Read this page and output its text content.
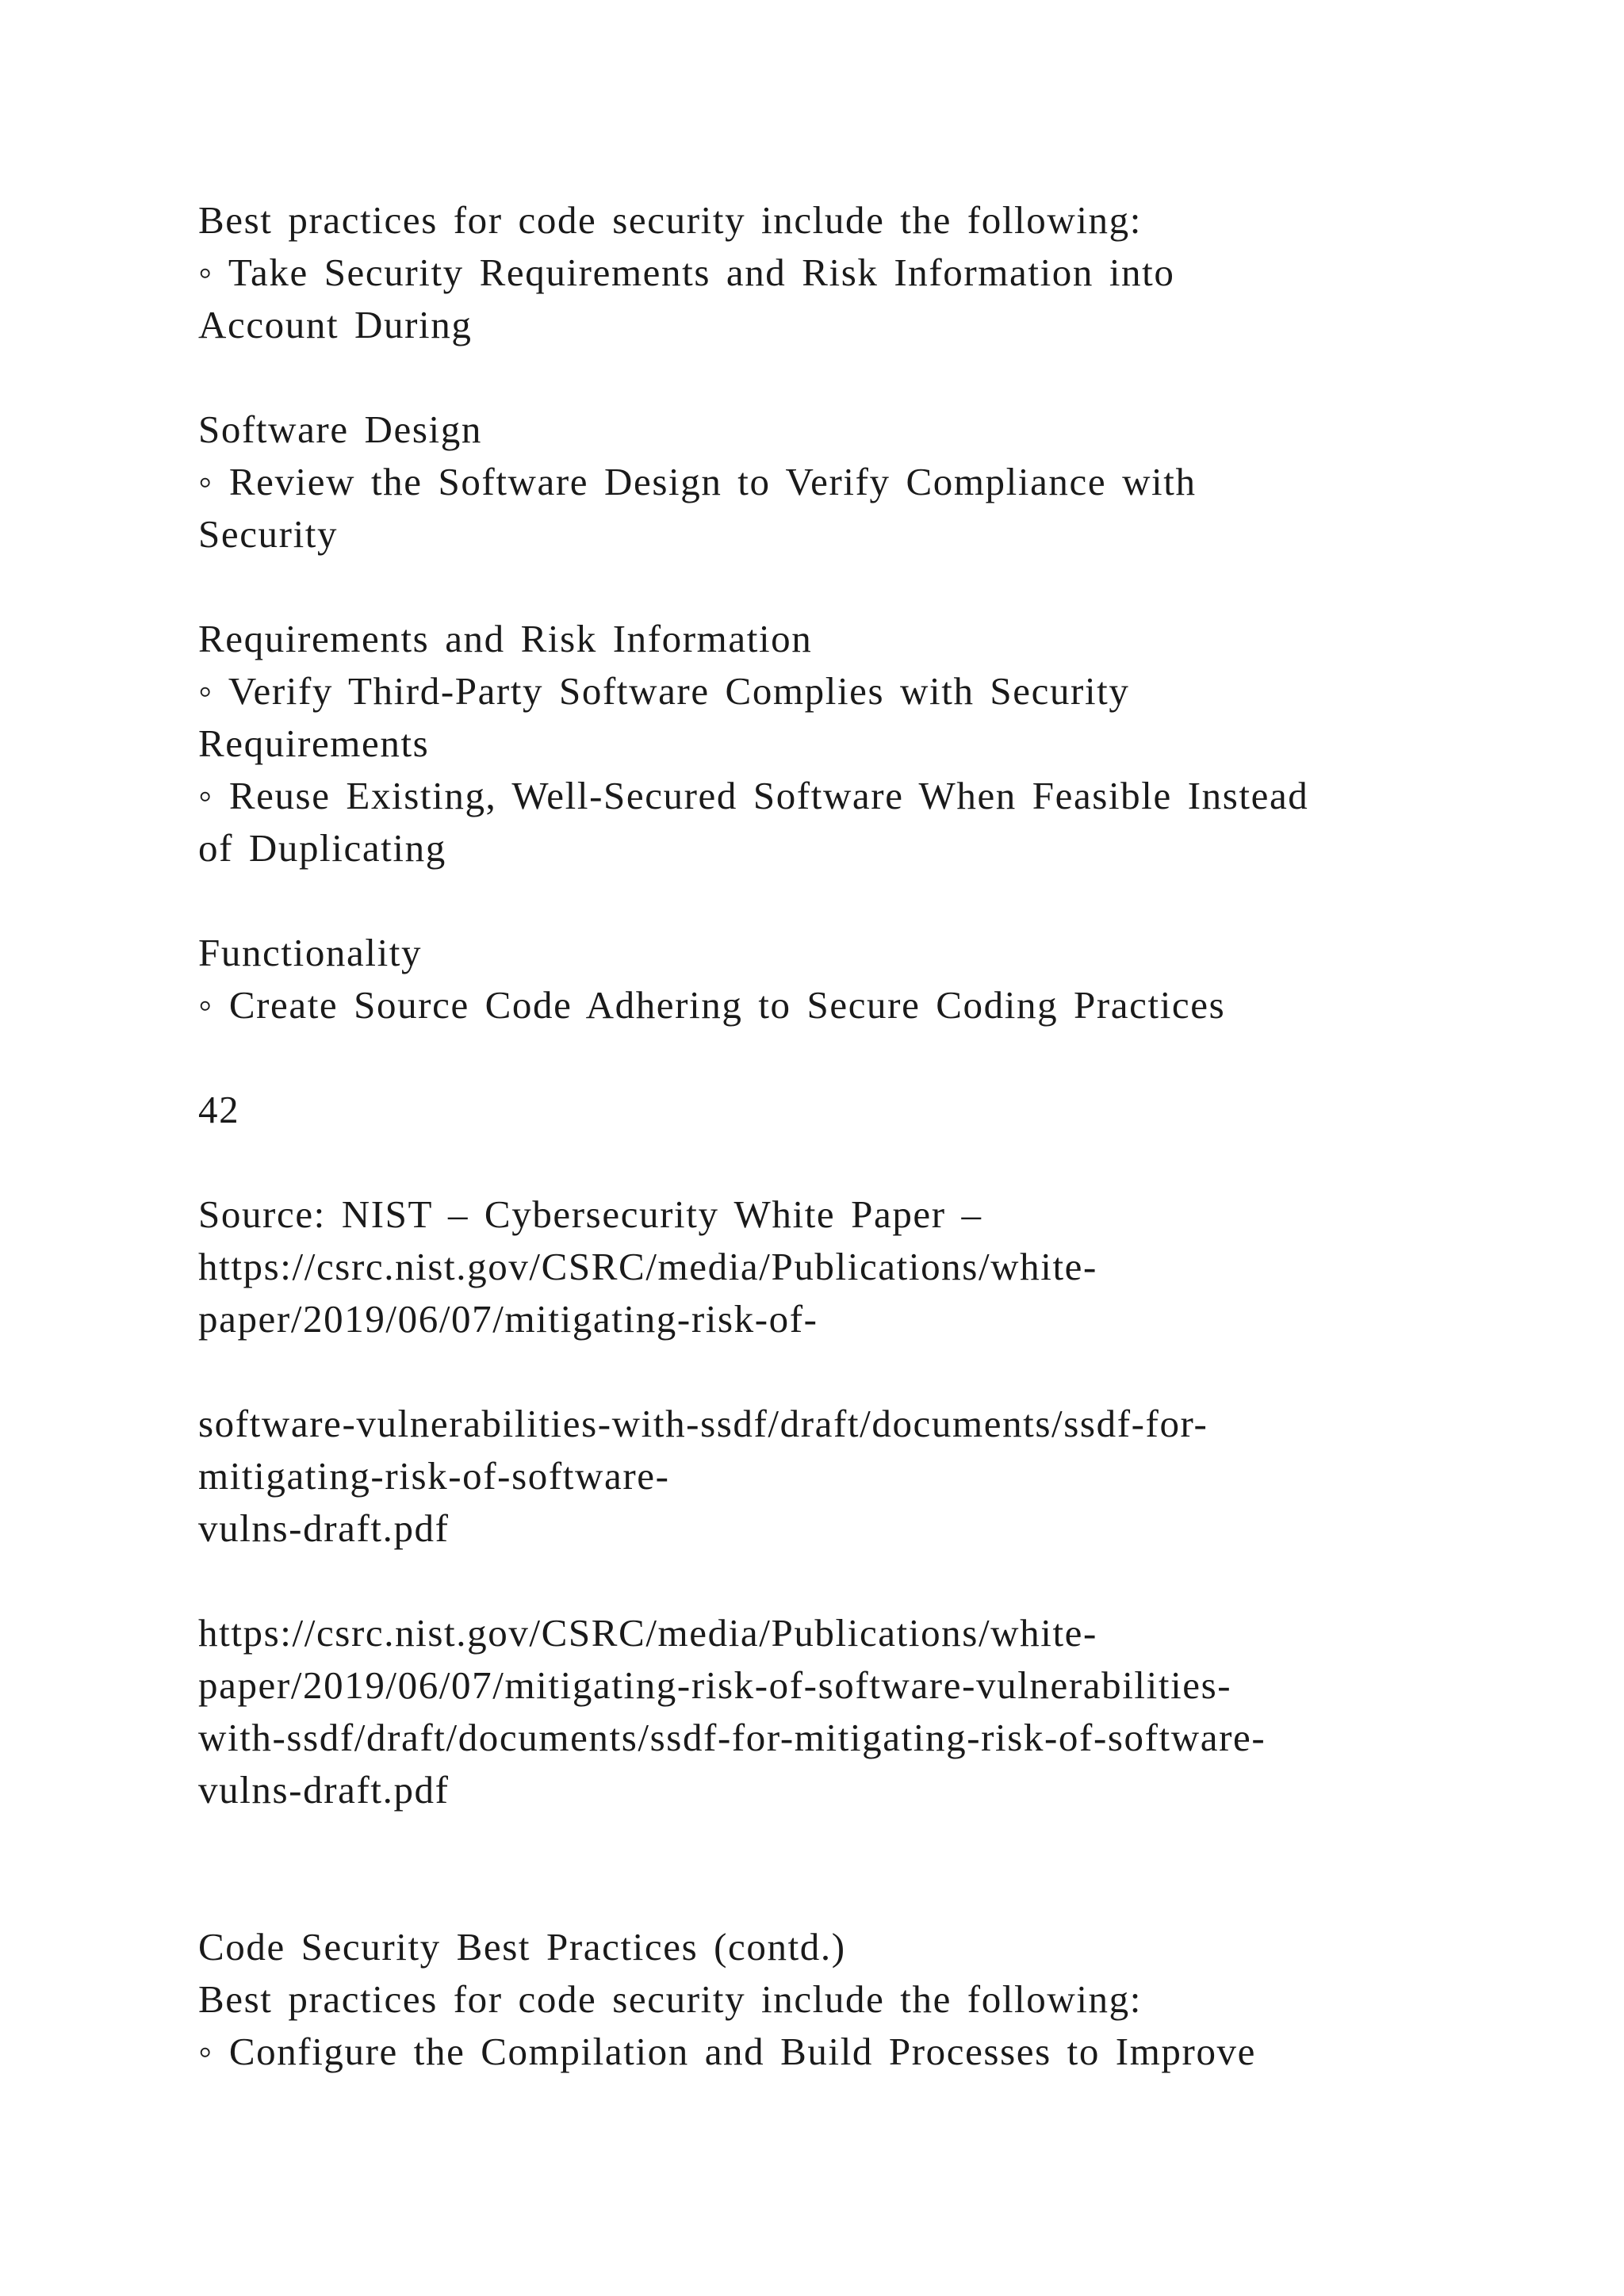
Best practices for code security include the following:
◦ Take Security Requirements and Risk Information into
Account During
Software Design
◦ Review the Software Design to Verify Compliance with
Security
Requirements and Risk Information
◦ Verify Third-Party Software Complies with Security
Requirements
◦ Reuse Existing, Well-Secured Software When Feasible Instead
of Duplicating
Functionality
◦ Create Source Code Adhering to Secure Coding Practices
42
Source: NIST – Cybersecurity White Paper –
https://csrc.nist.gov/CSRC/media/Publications/white-
paper/2019/06/07/mitigating-risk-of-
software-vulnerabilities-with-ssdf/draft/documents/ssdf-for-
mitigating-risk-of-software-
vulns-draft.pdf
https://csrc.nist.gov/CSRC/media/Publications/white-
paper/2019/06/07/mitigating-risk-of-software-vulnerabilities-
with-ssdf/draft/documents/ssdf-for-mitigating-risk-of-software-
vulns-draft.pdf
Code Security Best Practices (contd.)
Best practices for code security include the following:
◦ Configure the Compilation and Build Processes to Improve
